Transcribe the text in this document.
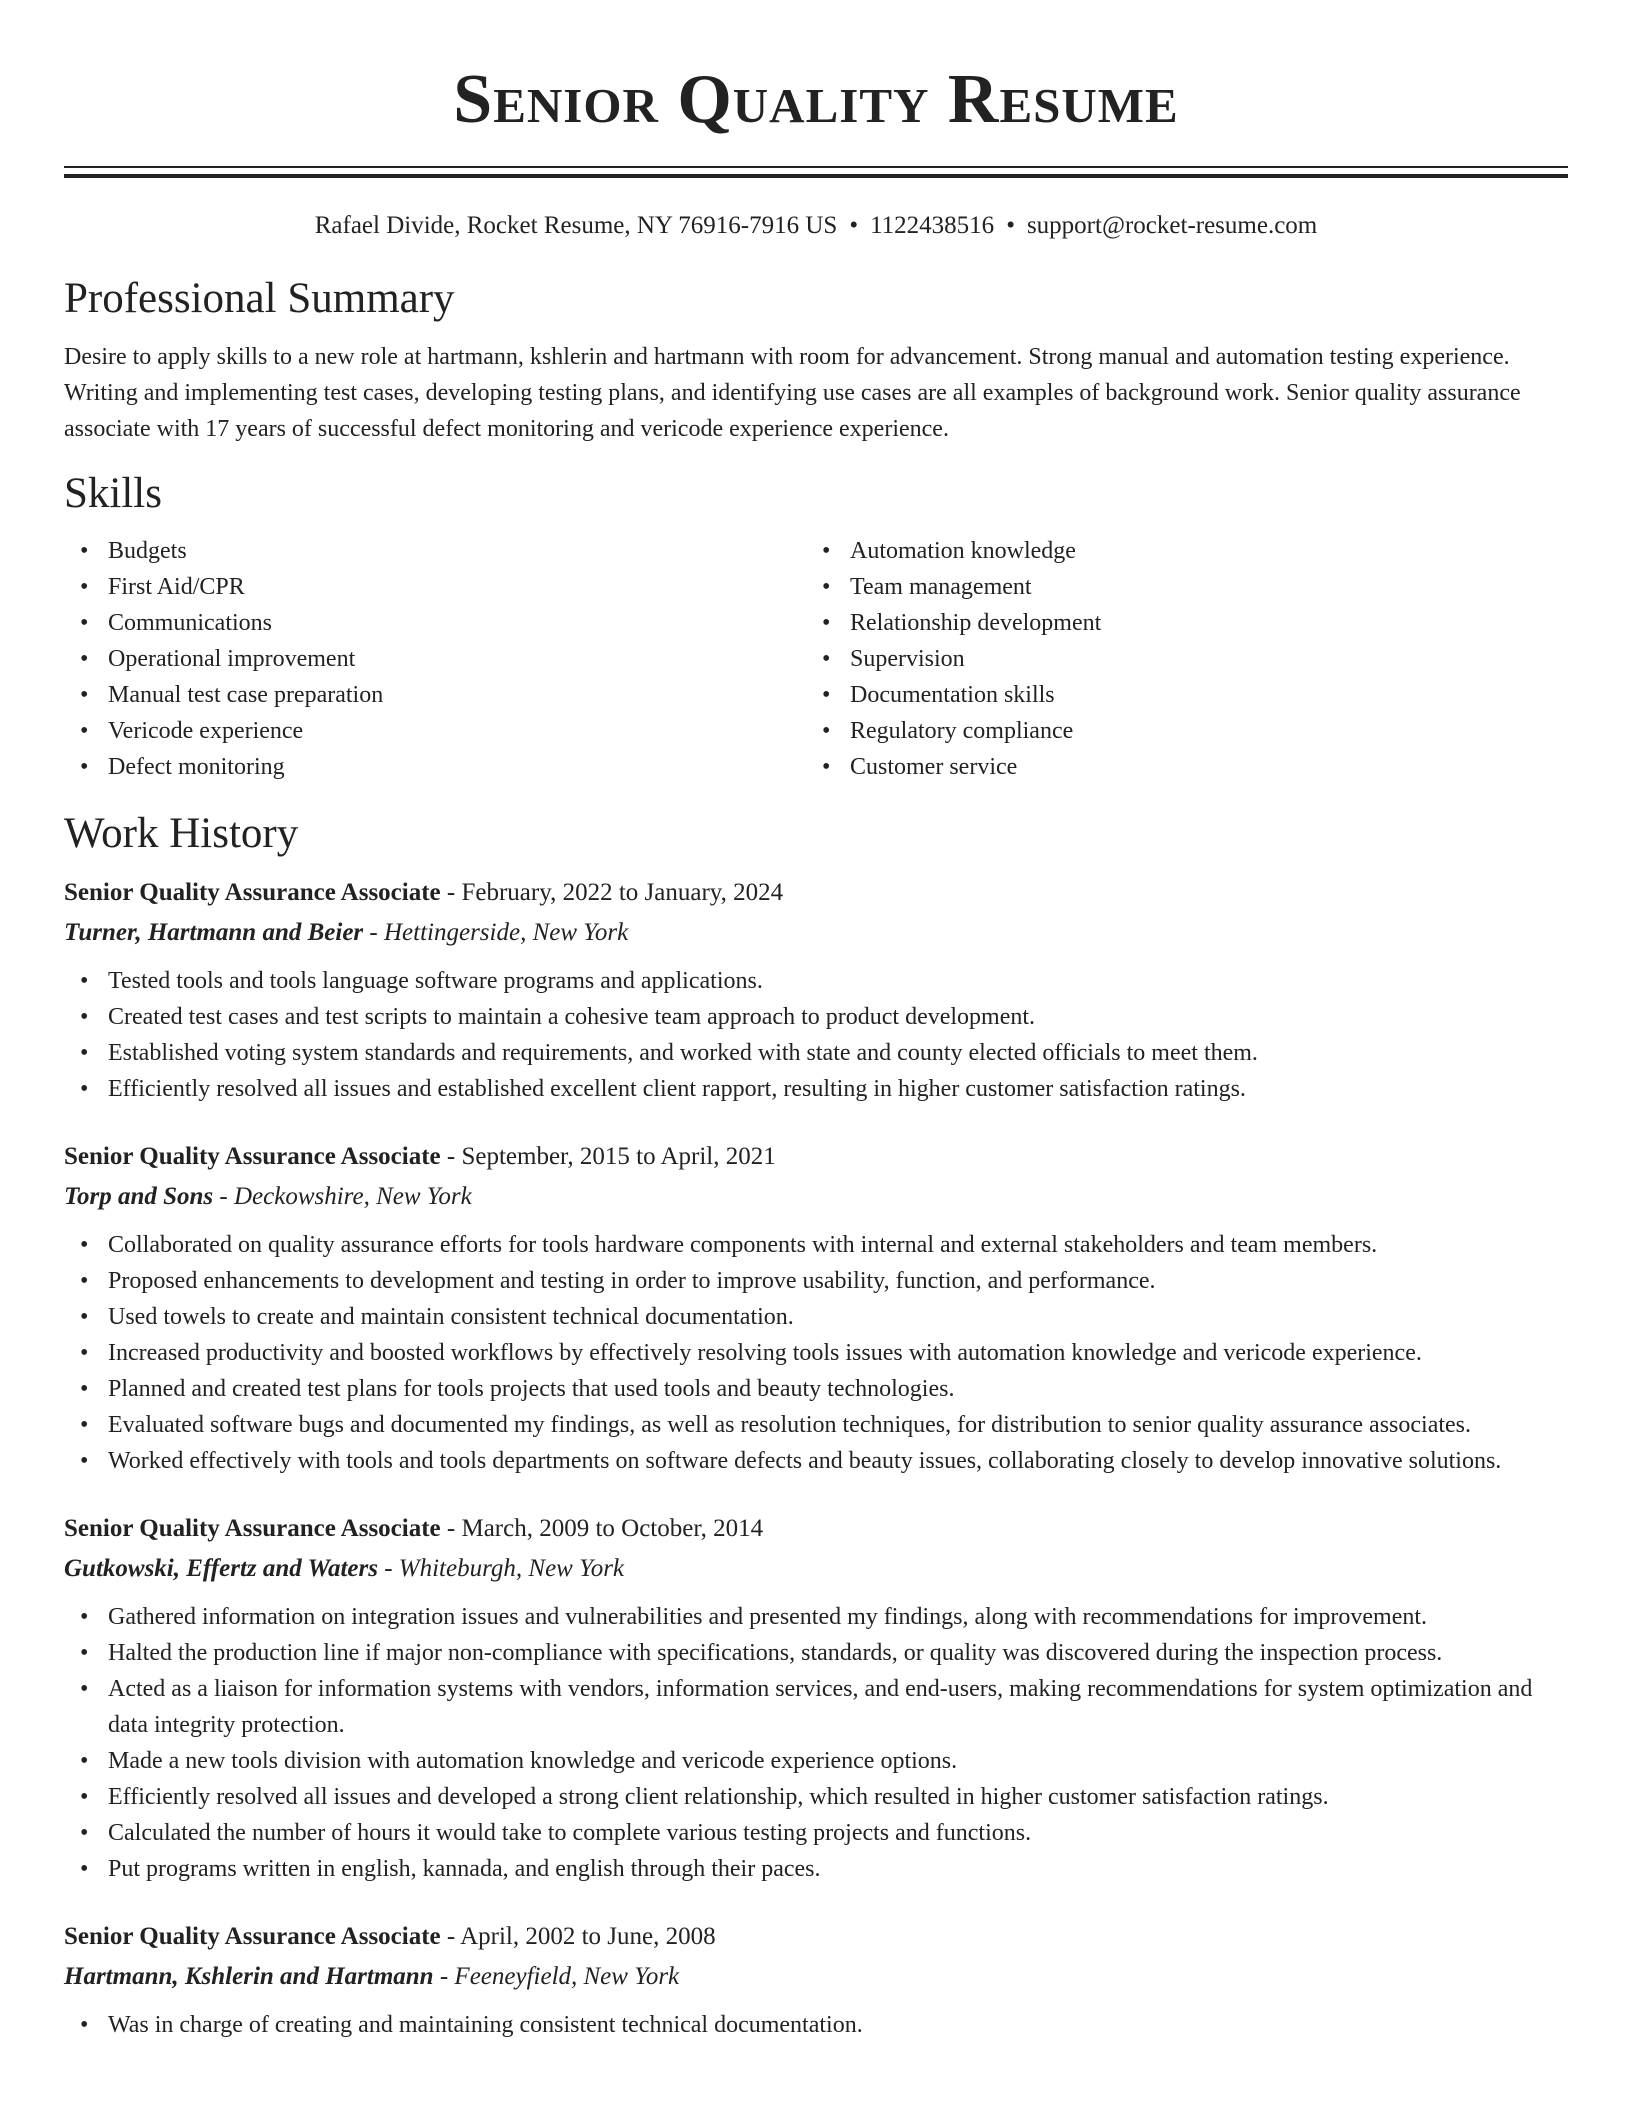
Senior Quality Resume
Rafael Divide, Rocket Resume, NY 76916-7916 US • 1122438516 • support@rocket-resume.com
Professional Summary
Desire to apply skills to a new role at hartmann, kshlerin and hartmann with room for advancement. Strong manual and automation testing experience. Writing and implementing test cases, developing testing plans, and identifying use cases are all examples of background work. Senior quality assurance associate with 17 years of successful defect monitoring and vericode experience experience.
Skills
• Budgets
• First Aid/CPR
• Communications
• Operational improvement
• Manual test case preparation
• Vericode experience
• Defect monitoring
• Automation knowledge
• Team management
• Relationship development
• Supervision
• Documentation skills
• Regulatory compliance
• Customer service
Work History
Senior Quality Assurance Associate - February, 2022 to January, 2024
Turner, Hartmann and Beier - Hettingerside, New York
• Tested tools and tools language software programs and applications.
• Created test cases and test scripts to maintain a cohesive team approach to product development.
• Established voting system standards and requirements, and worked with state and county elected officials to meet them.
• Efficiently resolved all issues and established excellent client rapport, resulting in higher customer satisfaction ratings.
Senior Quality Assurance Associate - September, 2015 to April, 2021
Torp and Sons - Deckowshire, New York
• Collaborated on quality assurance efforts for tools hardware components with internal and external stakeholders and team members.
• Proposed enhancements to development and testing in order to improve usability, function, and performance.
• Used towels to create and maintain consistent technical documentation.
• Increased productivity and boosted workflows by effectively resolving tools issues with automation knowledge and vericode experience.
• Planned and created test plans for tools projects that used tools and beauty technologies.
• Evaluated software bugs and documented my findings, as well as resolution techniques, for distribution to senior quality assurance associates.
• Worked effectively with tools and tools departments on software defects and beauty issues, collaborating closely to develop innovative solutions.
Senior Quality Assurance Associate - March, 2009 to October, 2014
Gutkowski, Effertz and Waters - Whiteburgh, New York
• Gathered information on integration issues and vulnerabilities and presented my findings, along with recommendations for improvement.
• Halted the production line if major non-compliance with specifications, standards, or quality was discovered during the inspection process.
• Acted as a liaison for information systems with vendors, information services, and end-users, making recommendations for system optimization and data integrity protection.
• Made a new tools division with automation knowledge and vericode experience options.
• Efficiently resolved all issues and developed a strong client relationship, which resulted in higher customer satisfaction ratings.
• Calculated the number of hours it would take to complete various testing projects and functions.
• Put programs written in english, kannada, and english through their paces.
Senior Quality Assurance Associate - April, 2002 to June, 2008
Hartmann, Kshlerin and Hartmann - Feeneyfield, New York
• Was in charge of creating and maintaining consistent technical documentation.
